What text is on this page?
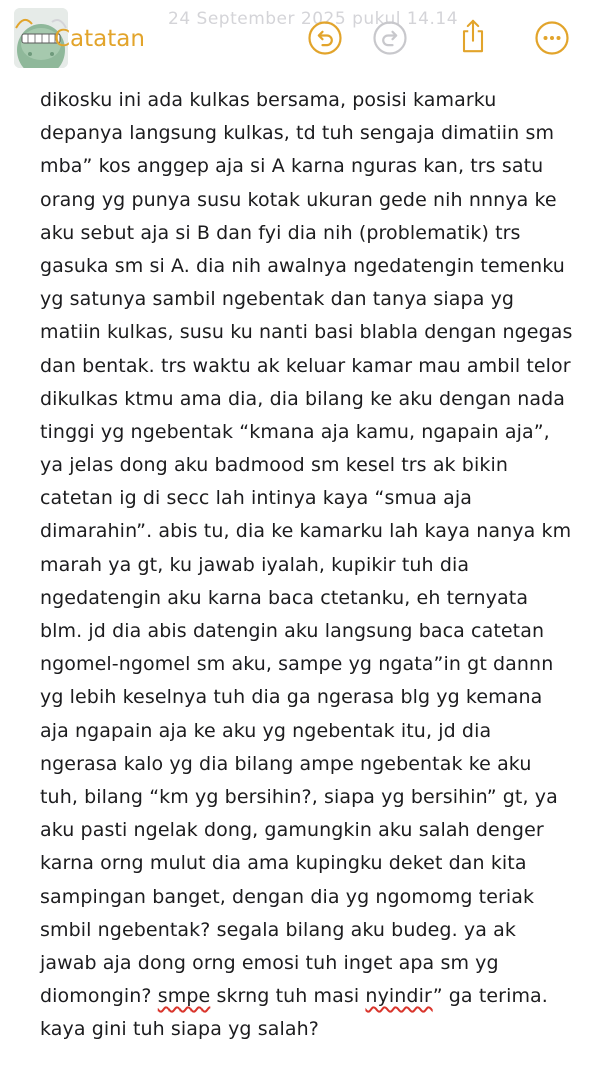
24 September 2025 pukul 14.14
Catatan
dikosku ini ada kulkas bersama, posisi kamarku
depanya langsung kulkas, td tuh sengaja dimatiin sm
mba” kos anggep aja si A karna nguras kan, trs satu
orang yg punya susu kotak ukuran gede nih nnnya ke
aku sebut aja si B dan fyi dia nih (problematik) trs
gasuka sm si A. dia nih awalnya ngedatengin temenku
yg satunya sambil ngebentak dan tanya siapa yg
matiin kulkas, susu ku nanti basi blabla dengan ngegas
dan bentak. trs waktu ak keluar kamar mau ambil telor
dikulkas ktmu ama dia, dia bilang ke aku dengan nada
tinggi yg ngebentak “kmana aja kamu, ngapain aja”,
ya jelas dong aku badmood sm kesel trs ak bikin
catetan ig di secc lah intinya kaya “smua aja
dimarahin”. abis tu, dia ke kamarku lah kaya nanya km
marah ya gt, ku jawab iyalah, kupikir tuh dia
ngedatengin aku karna baca ctetanku, eh ternyata
blm. jd dia abis datengin aku langsung baca catetan
ngomel-ngomel sm aku, sampe yg ngata”in gt dannn
yg lebih keselnya tuh dia ga ngerasa blg yg kemana
aja ngapain aja ke aku yg ngebentak itu, jd dia
ngerasa kalo yg dia bilang ampe ngebentak ke aku
tuh, bilang “km yg bersihin?, siapa yg bersihin” gt, ya
aku pasti ngelak dong, gamungkin aku salah denger
karna orng mulut dia ama kupingku deket dan kita
sampingan banget, dengan dia yg ngomomg teriak
smbil ngebentak? segala bilang aku budeg. ya ak
jawab aja dong orng emosi tuh inget apa sm yg
diomongin? smpe skrng tuh masi nyindir” ga terima.
kaya gini tuh siapa yg salah?
